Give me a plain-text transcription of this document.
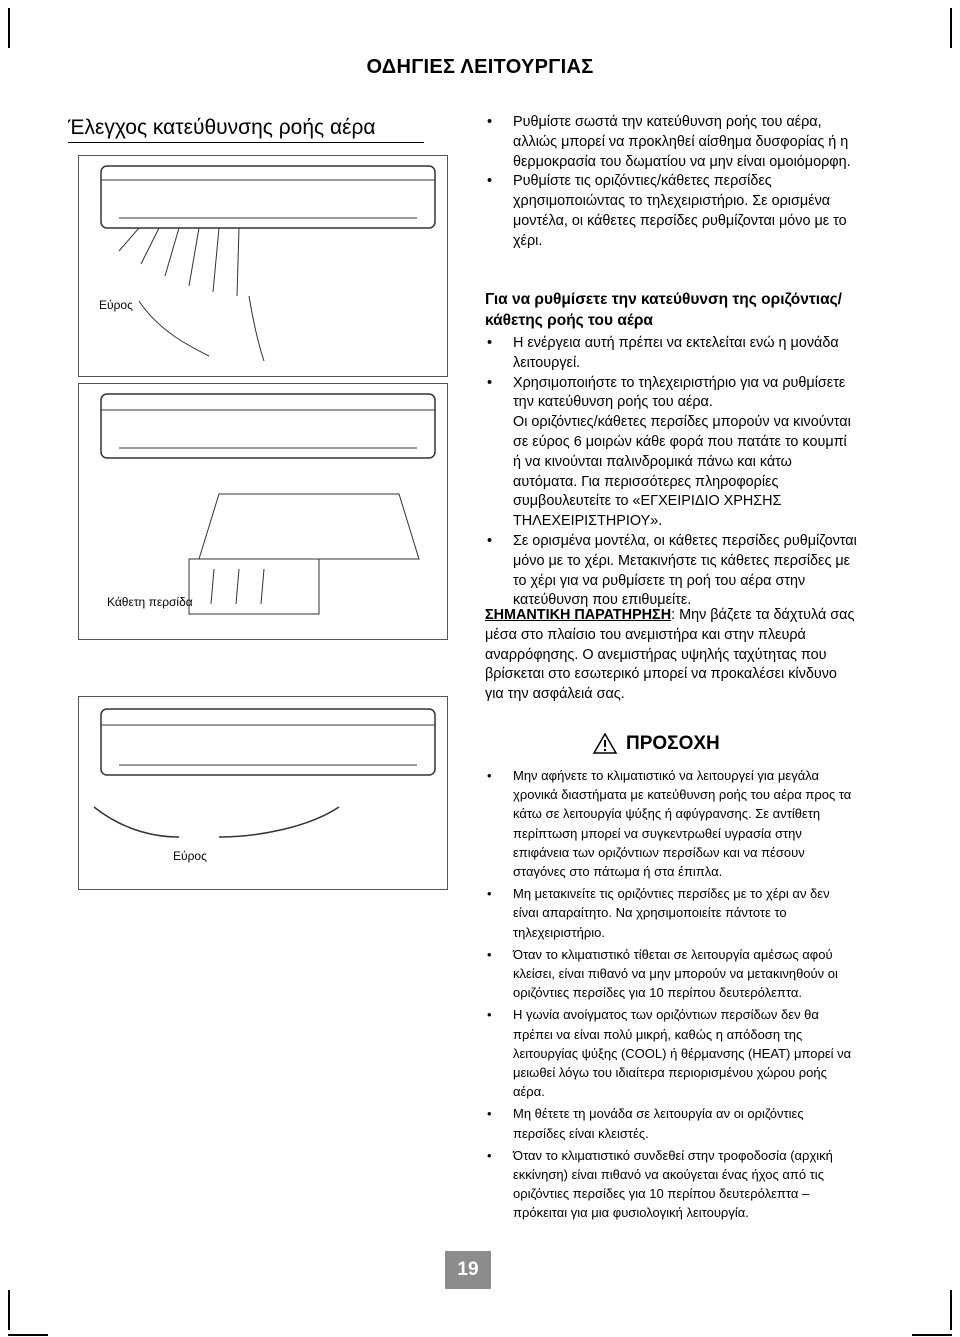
ΟΔΗΓΙΕΣ ΛΕΙΤΟΥΡΓΙΑΣ
Έλεγχος κατεύθυνσης ροής αέρα
Εύρος
Κάθετη περσίδα
Εύρος
• Ρυθμίστε σωστά την κατεύθυνση ροής του αέρα, αλλιώς μπορεί να προκληθεί αίσθημα δυσφορίας ή η θερμοκρασία του δωματίου να μην είναι ομοιόμορφη.
• Ρυθμίστε τις οριζόντιες/κάθετες περσίδες χρησιμοποιώντας το τηλεχειριστήριο. Σε ορισμένα μοντέλα, οι κάθετες περσίδες ρυθμίζονται μόνο με το χέρι.
Για να ρυθμίσετε την κατεύθυνση της οριζόντιας/κάθετης ροής του αέρα
• Η ενέργεια αυτή πρέπει να εκτελείται ενώ η μονάδα λειτουργεί.
• Χρησιμοποιήστε το τηλεχειριστήριο για να ρυθμίσετε την κατεύθυνση ροής του αέρα.

Οι οριζόντιες/κάθετες περσίδες μπορούν να κινούνται σε εύρος 6 μοιρών κάθε φορά που πατάτε το κουμπί ή να κινούνται παλινδρομικά πάνω και κάτω αυτόματα. Για περισσότερες πληροφορίες συμβουλευτείτε το «ΕΓΧΕΙΡΙΔΙΟ ΧΡΗΣΗΣ ΤΗΛΕΧΕΙΡΙΣΤΗΡΙΟΥ».

• Σε ορισμένα μοντέλα, οι κάθετες περσίδες ρυθμίζονται μόνο με το χέρι. Μετακινήστε τις κάθετες περσίδες με το χέρι για να ρυθμίσετε τη ροή του αέρα στην κατεύθυνση που επιθυμείτε.
ΣΗΜΑΝΤΙΚΗ ΠΑΡΑΤΗΡΗΣΗ: Μην βάζετε τα δάχτυλά σας μέσα στο πλαίσιο του ανεμιστήρα και στην πλευρά αναρρόφησης. Ο ανεμιστήρας υψηλής ταχύτητας που βρίσκεται στο εσωτερικό μπορεί να προκαλέσει κίνδυνο για την ασφάλειά σας.
ΠΡΟΣΟΧΗ
• Μην αφήνετε το κλιματιστικό να λειτουργεί για μεγάλα χρονικά διαστήματα με κατεύθυνση ροής του αέρα προς τα κάτω σε λειτουργία ψύξης ή αφύγρανσης. Σε αντίθετη περίπτωση μπορεί να συγκεντρωθεί υγρασία στην επιφάνεια των οριζόντιων περσίδων και να πέσουν σταγόνες στο πάτωμα ή στα έπιπλα.
• Μη μετακινείτε τις οριζόντιες περσίδες με το χέρι αν δεν είναι απαραίτητο. Να χρησιμοποιείτε πάντοτε το τηλεχειριστήριο.
• Όταν το κλιματιστικό τίθεται σε λειτουργία αμέσως αφού κλείσει, είναι πιθανό να μην μπορούν να μετακινηθούν οι οριζόντιες περσίδες για 10 περίπου δευτερόλεπτα.
• Η γωνία ανοίγματος των οριζόντιων περσίδων δεν θα πρέπει να είναι πολύ μικρή, καθώς η απόδοση της λειτουργίας ψύξης (COOL) ή θέρμανσης (HEAT) μπορεί να μειωθεί λόγω του ιδιαίτερα περιορισμένου χώρου ροής αέρα.
• Μη θέτετε τη μονάδα σε λειτουργία αν οι οριζόντιες περσίδες είναι κλειστές.
• Όταν το κλιματιστικό συνδεθεί στην τροφοδοσία (αρχική εκκίνηση) είναι πιθανό να ακούγεται ένας ήχος από τις οριζόντιες περσίδες για 10 περίπου δευτερόλεπτα – πρόκειται για μια φυσιολογική λειτουργία.
19
